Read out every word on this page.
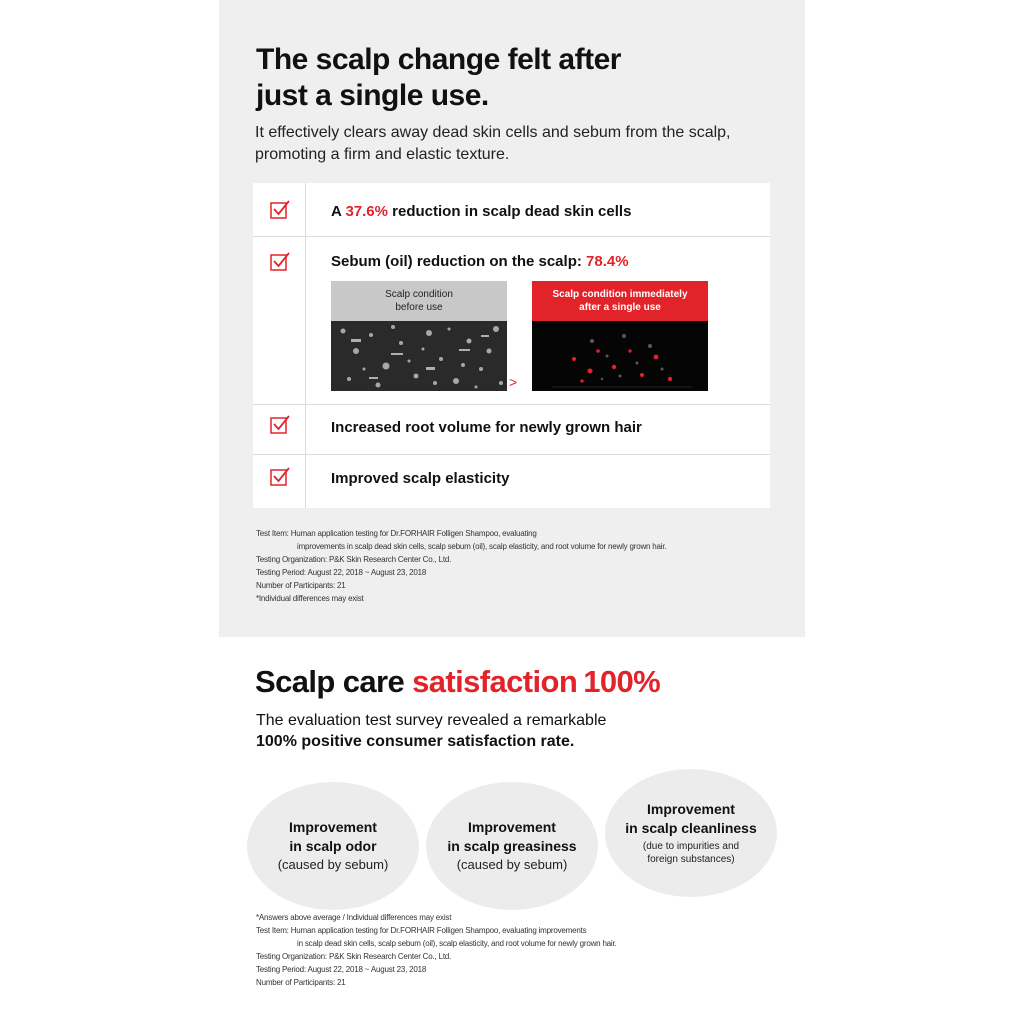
The scalp change felt after
just a single use.

It effectively clears away dead skin cells and sebum from the scalp,
promoting a firm and elastic texture.

A 37.6% reduction in scalp dead skin cells
Sebum (oil) reduction on the scalp: 78.4%
Scalp condition
before use
>
Scalp condition immediately
after a single use
Increased root volume for newly grown hair
Improved scalp elasticity
Test Item: Human application testing for Dr.FORHAIR Folligen Shampoo, evaluating
improvements in scalp dead skin cells, scalp sebum (oil), scalp elasticity, and root volume for newly grown hair.
Testing Organization: P&K Skin Research Center Co., Ltd.
Testing Period: August 22, 2018 ~ August 23, 2018
Number of Participants: 21
*Individual differences may exist
Scalp care satisfaction 100%
The evaluation test survey revealed a remarkable
100% positive consumer satisfaction rate.
Improvement
in scalp odor
(caused by sebum)
Improvement
in scalp greasiness
(caused by sebum)
Improvement
in scalp cleanliness
(due to impurities and
foreign substances)
*Answers above average / Individual differences may exist
Test Item: Human application testing for Dr.FORHAIR Folligen Shampoo, evaluating improvements
in scalp dead skin cells, scalp sebum (oil), scalp elasticity, and root volume for newly grown hair.
Testing Organization: P&K Skin Research Center Co., Ltd.
Testing Period: August 22, 2018 ~ August 23, 2018
Number of Participants: 21
